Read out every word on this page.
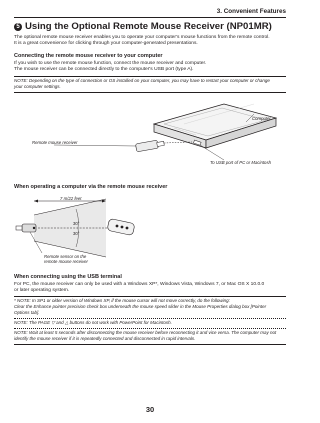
3. Convenient Features
5 Using the Optional Remote Mouse Receiver (NP01MR)
The optional remote mouse receiver enables you to operate your computer's mouse functions from the remote control.
It is a great convenience for clicking through your computer-generated presentations.
Connecting the remote mouse receiver to your computer
If you wish to use the remote mouse function, connect the mouse receiver and computer.
The mouse receiver can be connected directly to the computer's USB port (type A).
NOTE: Depending on the type of connection or OS installed on your computer, you may have to restart your computer or change
your computer settings.
Computer
Remote mouse receiver
To USB port of PC or Macintosh
When operating a computer via the remote mouse receiver
7 m/22 feet
30°
30°
Remote sensor on the
remote mouse receiver
When connecting using the USB terminal
For PC, the mouse receiver can only be used with a Windows XP*, Windows Vista, Windows 7, or Mac OS X 10.0.0
or later operating system.
* NOTE: In SP1 or older version of Windows XP, if the mouse cursor will not move correctly, do the following:
Clear the Enhance pointer precision check box underneath the mouse speed slider in the Mouse Properties dialog box [Pointer
Options tab].
NOTE: The PAGE ▽ and △ buttons do not work with PowerPoint for Macintosh.
NOTE: Wait at least 5 seconds after disconnecting the mouse receiver before reconnecting it and vice versa. The computer may not
identify the mouse receiver if it is repeatedly connected and disconnected in rapid intervals.
30
